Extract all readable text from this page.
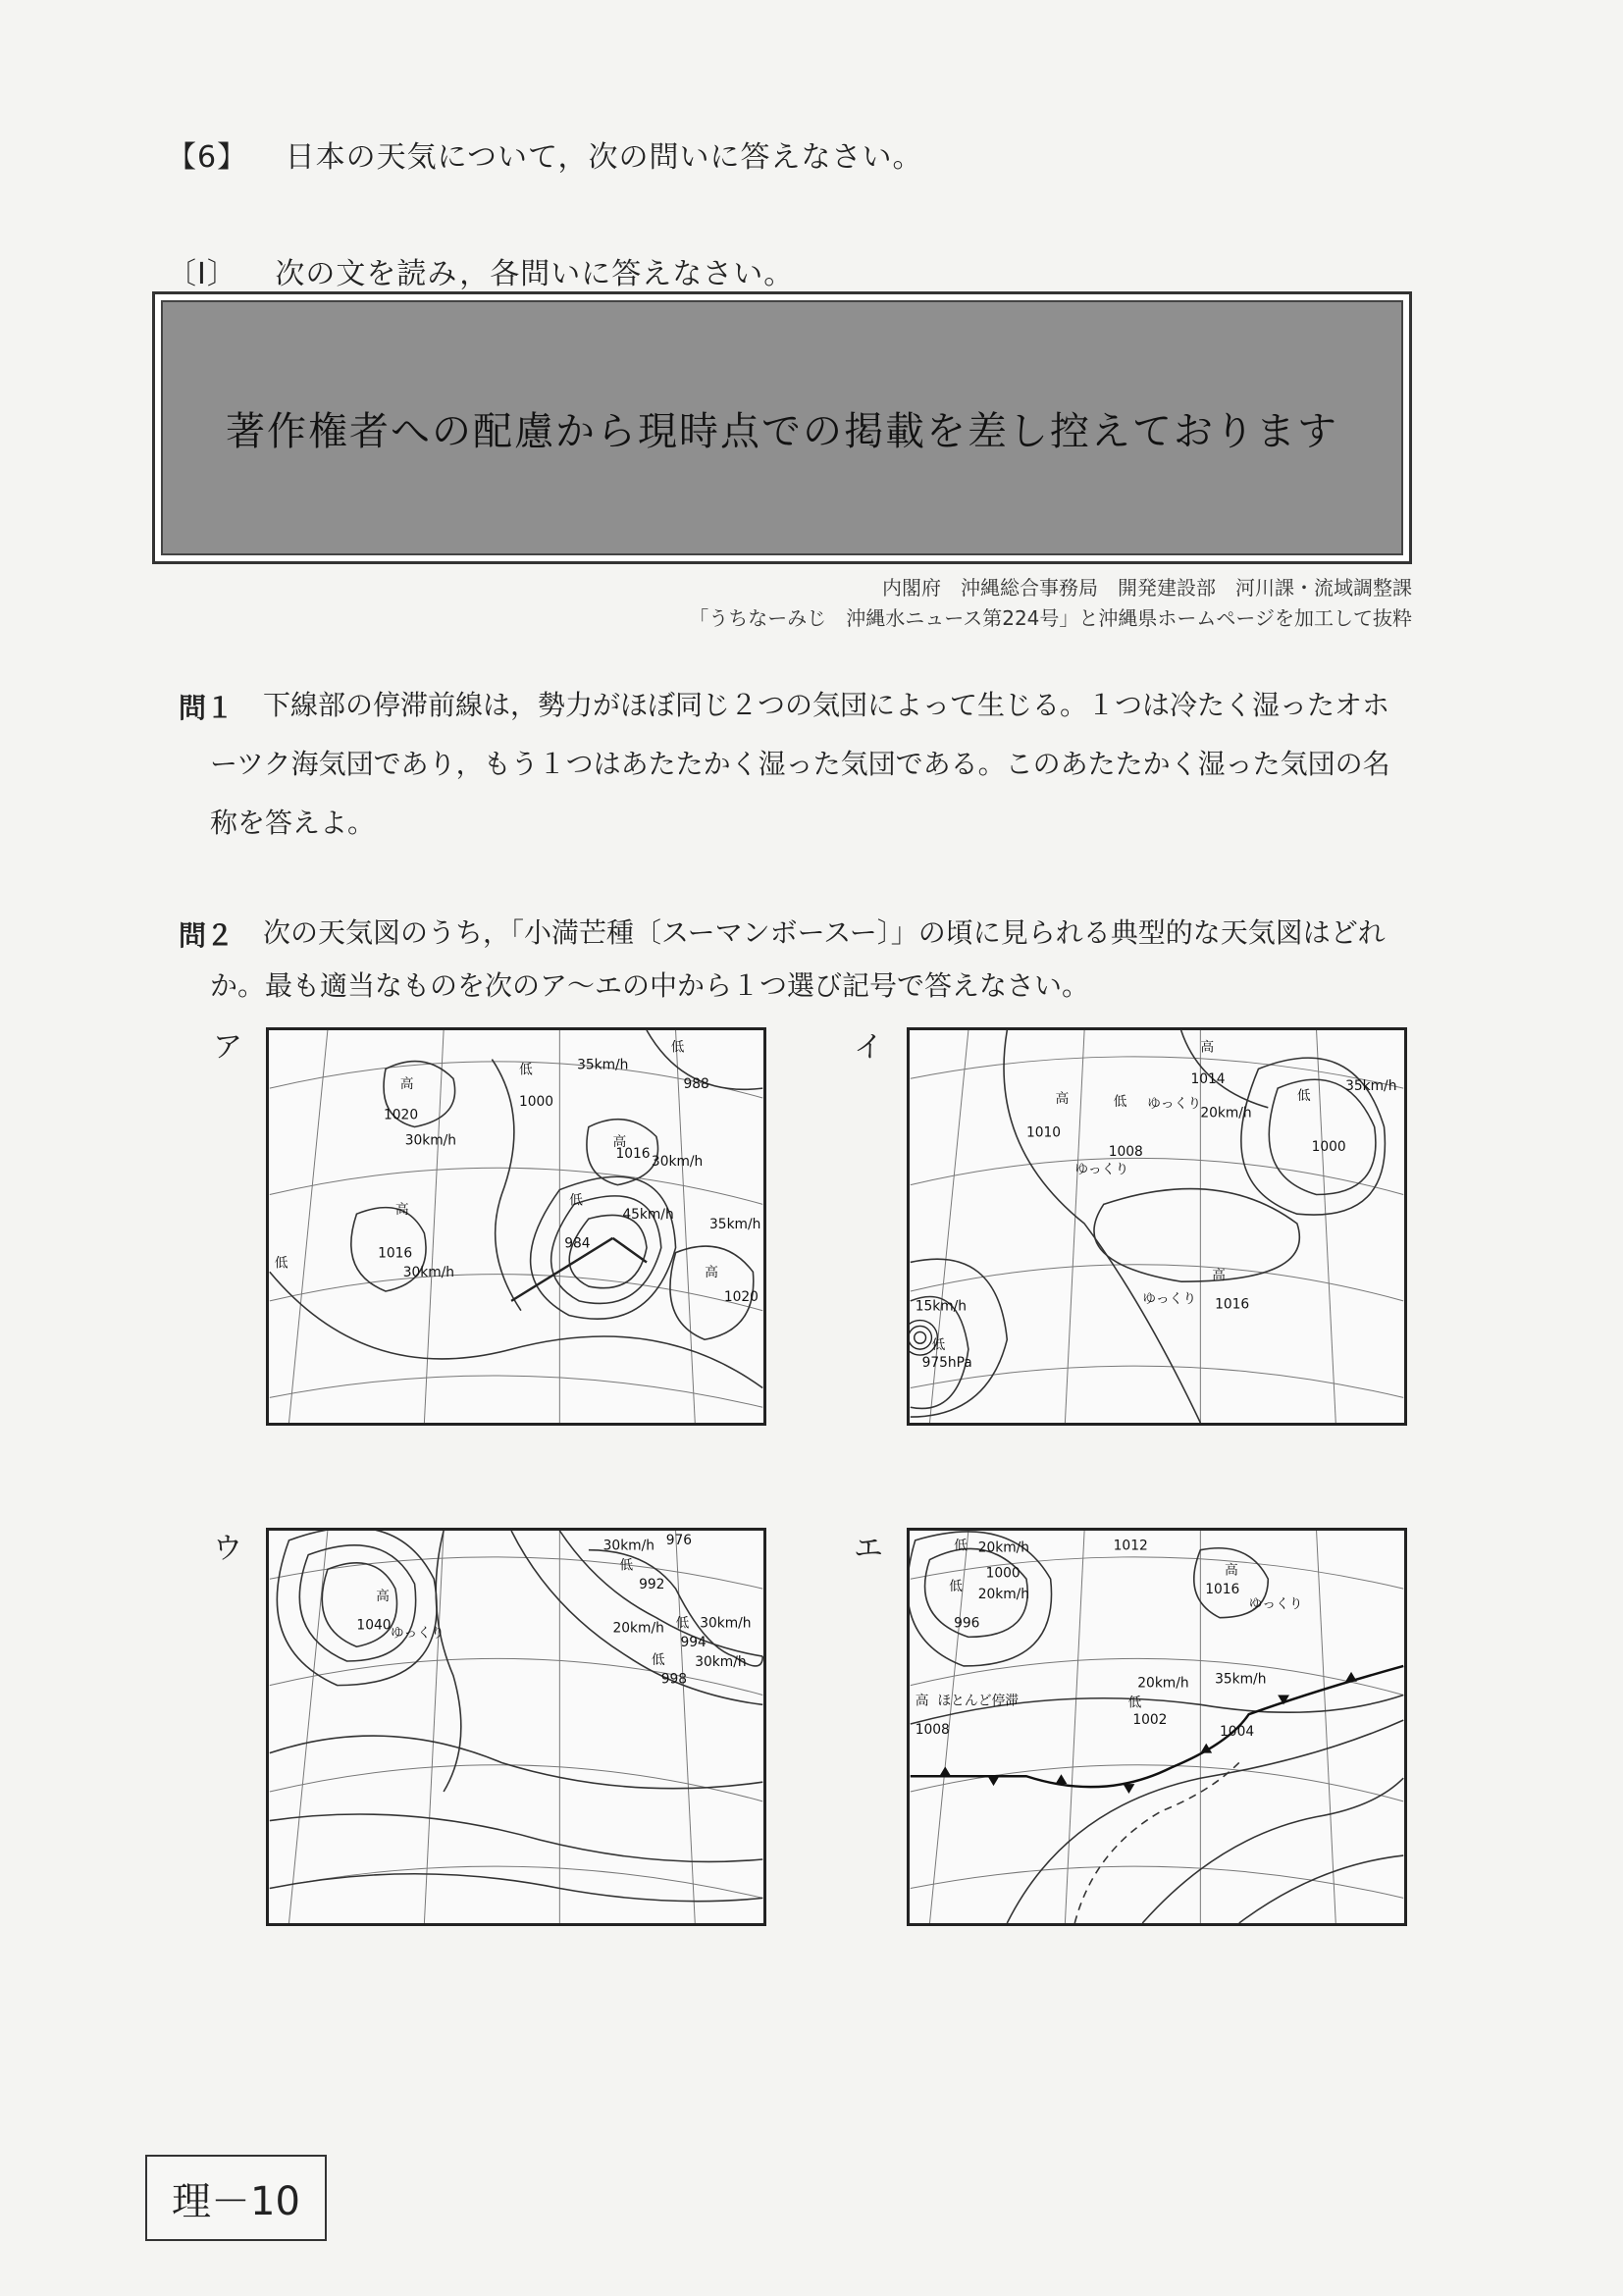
【6】 日本の天気について，次の問いに答えなさい。
〔Ⅰ〕 次の文を読み，各問いに答えなさい。
著作権者への配慮から現時点での掲載を差し控えております
内閣府　沖縄総合事務局　開発建設部　河川課・流域調整課
「うちなーみじ　沖縄水ニュース第224号」と沖縄県ホームページを加工して抜粋
問１ 下線部の停滞前線は，勢力がほぼ同じ２つの気団によって生じる。１つは冷たく湿ったオホ
ーツク海気団であり，もう１つはあたたかく湿った気団である。このあたたかく湿った気団の名
称を答えよ。
問２ 次の天気図のうち，「小満芒種〔スーマンボースー〕」の頃に見られる典型的な天気図はどれ
か。最も適当なものを次のア～エの中から１つ選び記号で答えなさい。
ア	イ
ウ	エ
高
1020
30km/h
低
1000
35km/h
低
988
高
1016 30km/h
低
45km/h
984
高
1016
30km/h
35km/h
高
1020
低
高
1014
20km/h
高
1010
低
1008
ゆっくり
ゆっくり
低
35km/h
1000
高
ゆっくり 1016
15km/h
低
975hPa
高
1040 ゆっくり
30km/h 976
低
992
20km/h 低 30km/h
994
低 30km/h
998
低 20km/h
1000
低 20km/h
996
1012
高
1016
ゆっくり
20km/h 35km/h
低
1002
1004
高 ほとんど停滞
1008
理－10
